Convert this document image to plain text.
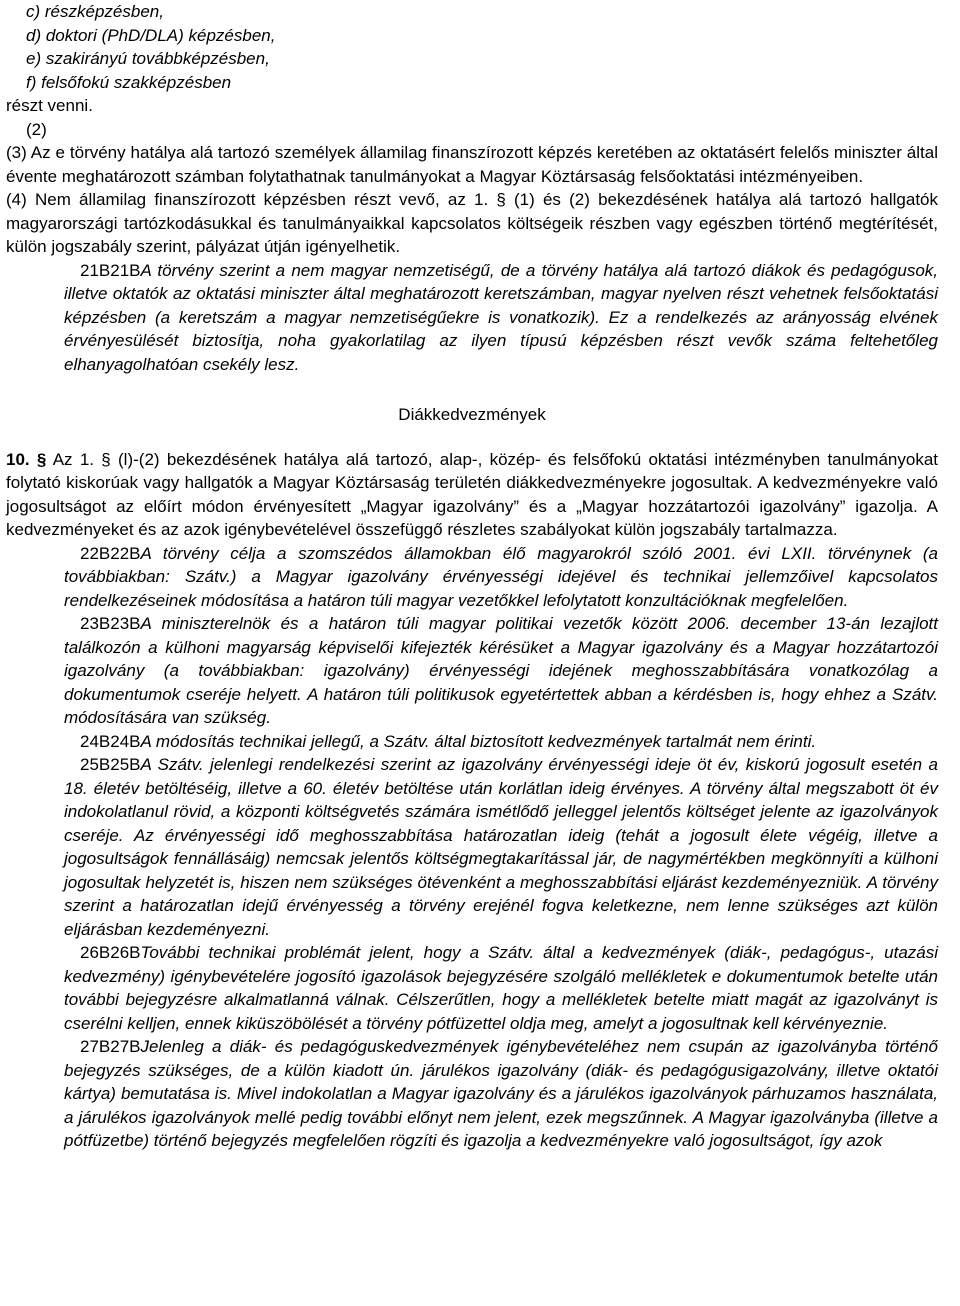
c) részképzésben,
d) doktori (PhD/DLA) képzésben,
e) szakirányú továbbképzésben,
f) felsőfokú szakképzésben

részt venni.

(2)

(3) Az e törvény hatálya alá tartozó személyek államilag finanszírozott képzés keretében az oktatásért felelős miniszter által évente meghatározott számban folytathatnak tanulmányokat a Magyar Köztársaság felsőoktatási intézményeiben.

(4) Nem államilag finanszírozott képzésben részt vevő, az 1. § (1) és (2) bekezdésének hatálya alá tartozó hallgatók magyarországi tartózkodásukkal és tanulmányaikkal kapcsolatos költségeik részben vagy egészben történő megtérítését, külön jogszabály szerint, pályázat útján igényelhetik.

21B21BA törvény szerint a nem magyar nemzetiségű, de a törvény hatálya alá tartozó diákok és pedagógusok, illetve oktatók az oktatási miniszter által meghatározott keretszámban, magyar nyelven részt vehetnek felsőoktatási képzésben (a keretszám a magyar nemzetiségűekre is vonatkozik). Ez a rendelkezés az arányosság elvének érvényesülését biztosítja, noha gyakorlatilag az ilyen típusú képzésben részt vevők száma feltehetőleg elhanyagolhatóan csekély lesz.

Diákkedvezmények

10. § Az 1. § (l)-(2) bekezdésének hatálya alá tartozó, alap-, közép- és felsőfokú oktatási intézményben tanulmányokat folytató kiskorúak vagy hallgatók a Magyar Köztársaság területén diákkedvezményekre jogosultak. A kedvezményekre való jogosultságot az előírt módon érvényesített „Magyar igazolvány” és a „Magyar hozzátartozói igazolvány” igazolja. A kedvezményeket és az azok igénybevételével összefüggő részletes szabályokat külön jogszabály tartalmazza.

22B22BA törvény célja a szomszédos államokban élő magyarokról szóló 2001. évi LXII. törvénynek (a továbbiakban: Szátv.) a Magyar igazolvány érvényességi idejével és technikai jellemzőivel kapcsolatos rendelkezéseinek módosítása a határon túli magyar vezetőkkel lefolytatott konzultációknak megfelelően.

23B23BA miniszterelnök és a határon túli magyar politikai vezetők között 2006. december 13-án lezajlott találkozón a külhoni magyarság képviselői kifejezték kérésüket a Magyar igazolvány és a Magyar hozzátartozói igazolvány (a továbbiakban: igazolvány) érvényességi idejének meghosszabbítására vonatkozólag a dokumentumok cseréje helyett. A határon túli politikusok egyetértettek abban a kérdésben is, hogy ehhez a Szátv. módosítására van szükség.

24B24BA módosítás technikai jellegű, a Szátv. által biztosított kedvezmények tartalmát nem érinti.

25B25BA Szátv. jelenlegi rendelkezési szerint az igazolvány érvényességi ideje öt év, kiskorú jogosult esetén a 18. életév betöltéséig, illetve a 60. életév betöltése után korlátlan ideig érvényes. A törvény által megszabott öt év indokolatlanul rövid, a központi költségvetés számára ismétlődő jelleggel jelentős költséget jelente az igazolványok cseréje. Az érvényességi idő meghosszabbítása határozatlan ideig (tehát a jogosult élete végéig, illetve a jogosultságok fennállásáig) nemcsak jelentős költségmegtakarítással jár, de nagymértékben megkönnyíti a külhoni jogosultak helyzetét is, hiszen nem szükséges ötévenként a meghosszabbítási eljárást kezdeményezniük. A törvény szerint a határozatlan idejű érvényesség a törvény erejénél fogva keletkezne, nem lenne szükséges azt külön eljárásban kezdeményezni.

26B26BTovábbi technikai problémát jelent, hogy a Szátv. által a kedvezmények (diák-, pedagógus-, utazási kedvezmény) igénybevételére jogosító igazolások bejegyzésére szolgáló mellékletek e dokumentumok betelte után további bejegyzésre alkalmatlanná válnak. Célszerűtlen, hogy a mellékletek betelte miatt magát az igazolványt is cserélni kelljen, ennek kiküszöbölését a törvény pótfüzettel oldja meg, amelyt a jogosultnak kell kérvényeznie.

27B27BJelenleg a diák- és pedagóguskedvezmények igénybevételéhez nem csupán az igazolványba történő bejegyzés szükséges, de a külön kiadott ún. járulékos igazolvány (diák- és pedagógusigazolvány, illetve oktatói kártya) bemutatása is. Mivel indokolatlan a Magyar igazolvány és a járulékos igazolványok párhuzamos használata, a járulékos igazolványok mellé pedig további előnyt nem jelent, ezek megszűnnek. A Magyar igazolványba (illetve a pótfüzetbe) történő bejegyzés megfelelően rögzíti és igazolja a kedvezményekre való jogosultságot, így azok
